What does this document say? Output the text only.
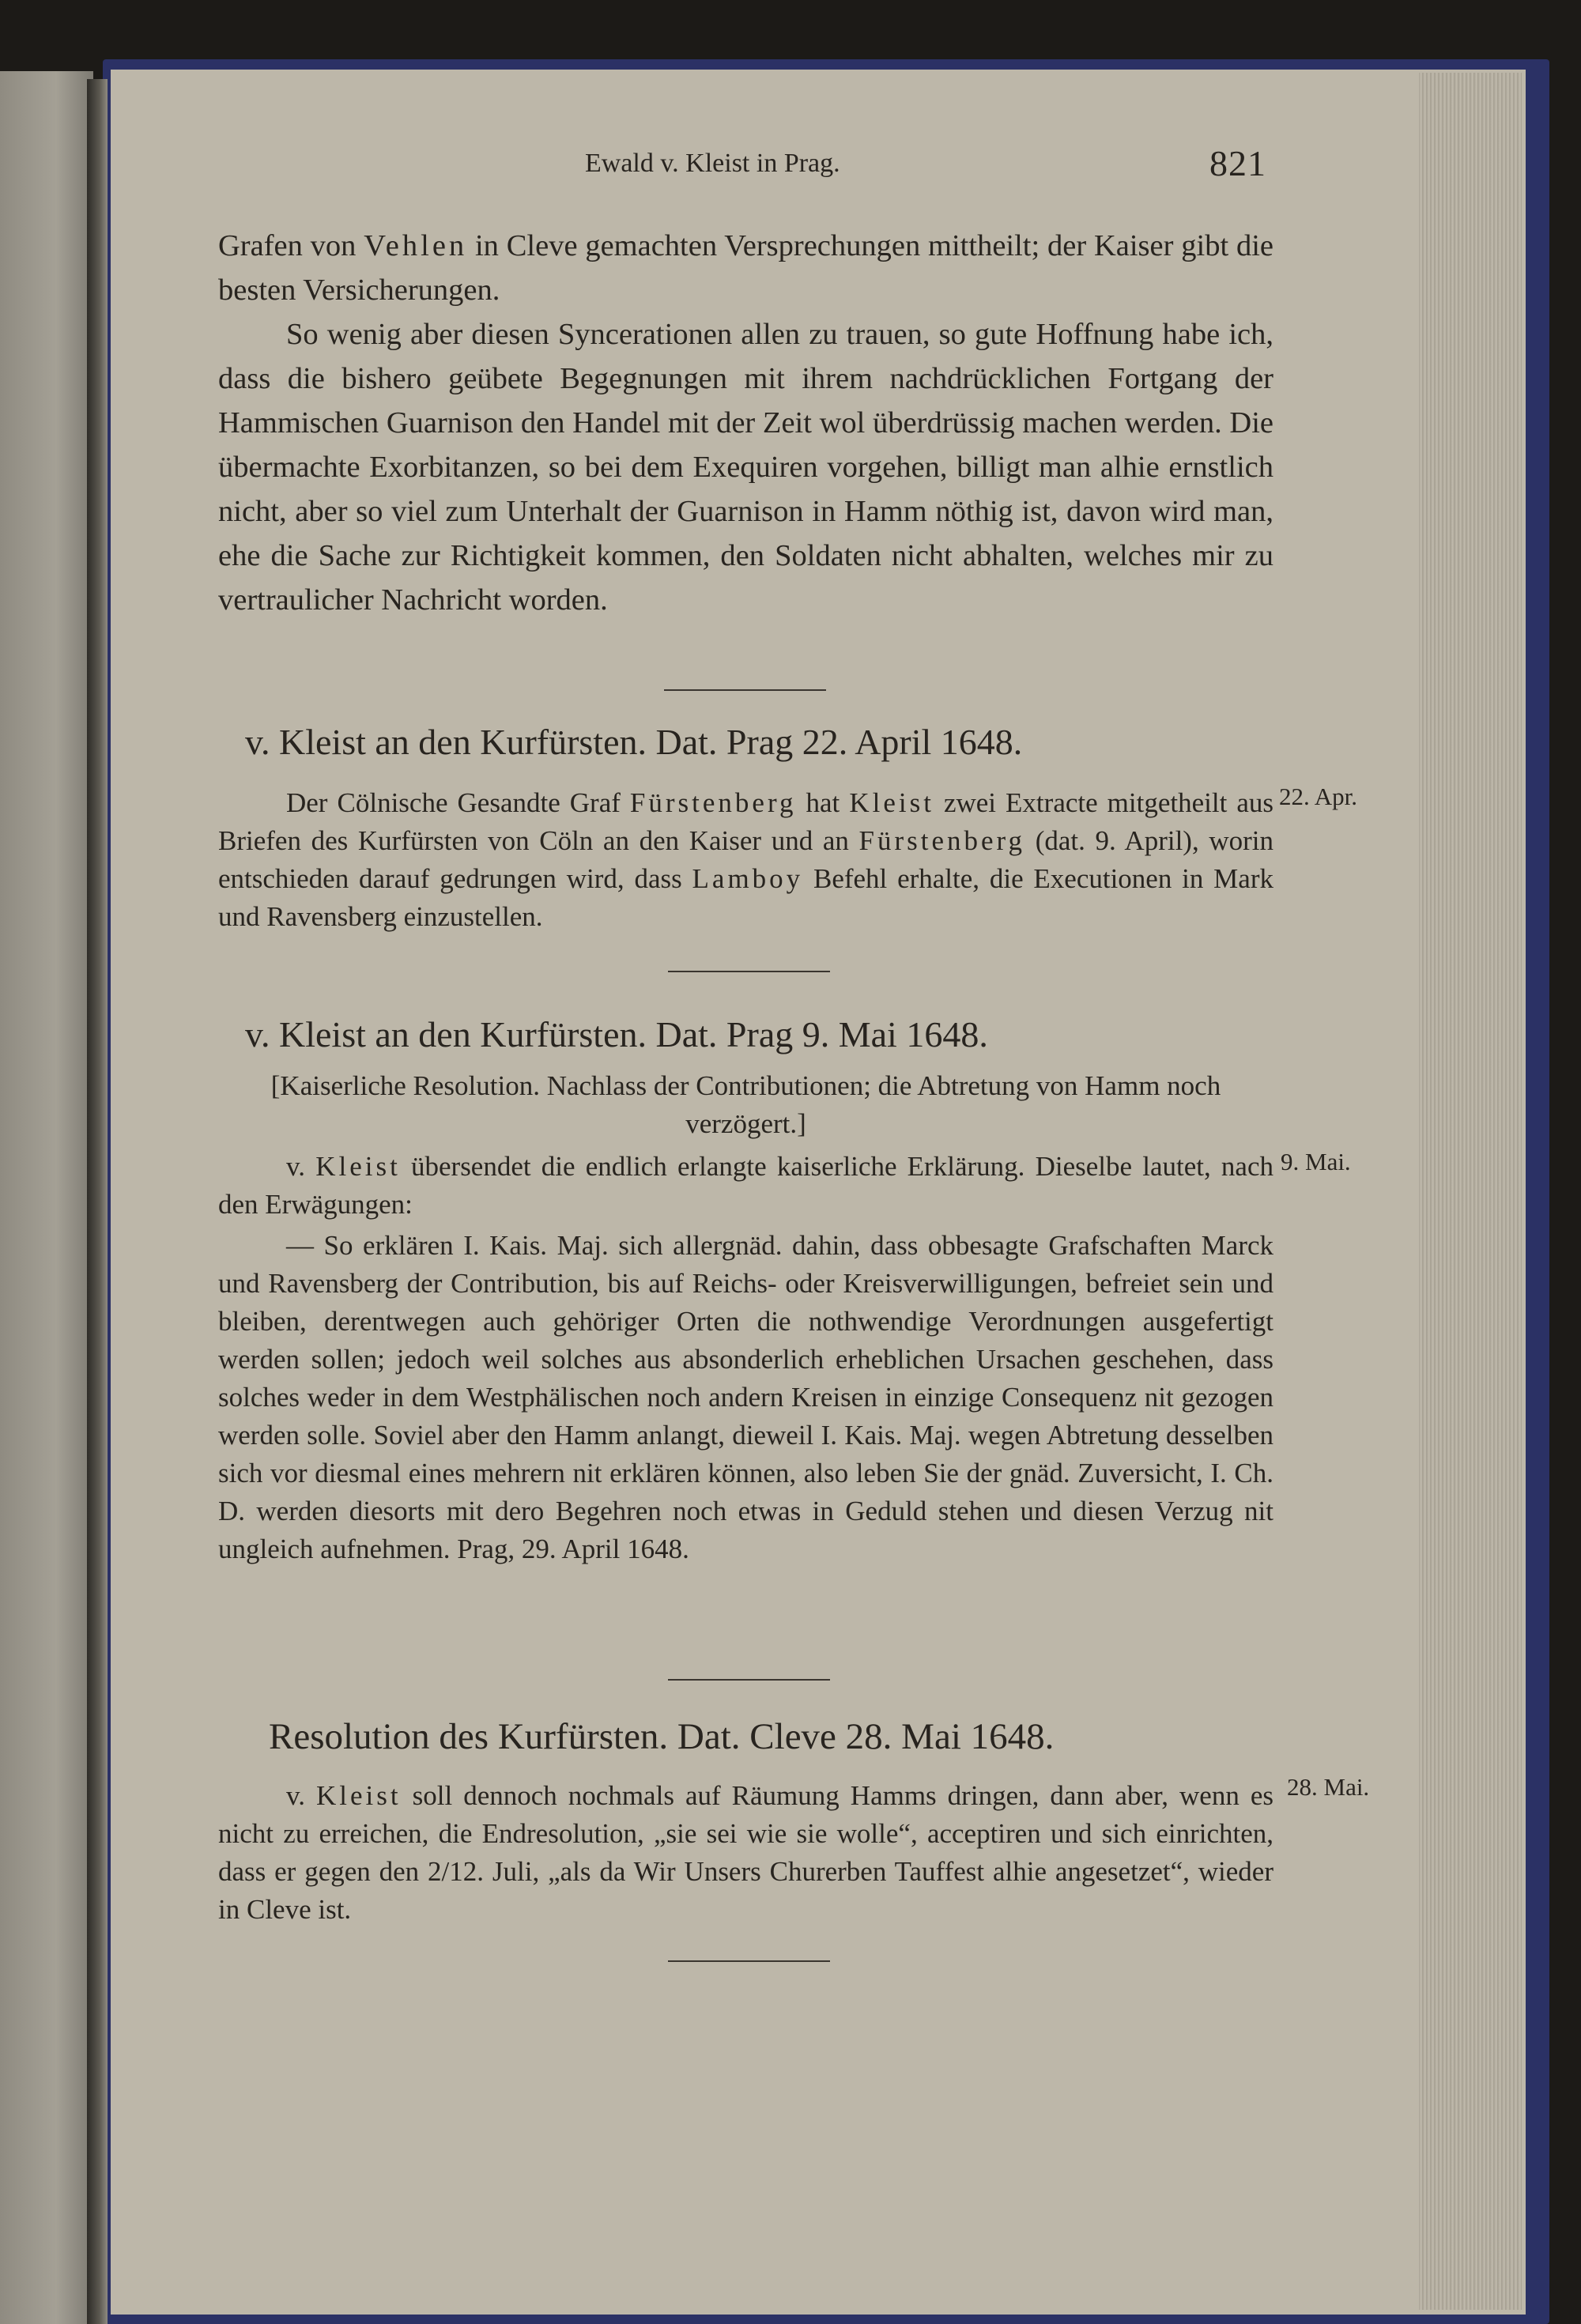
Ewald v. Kleist in Prag.	821
Grafen von Vehlen in Cleve gemachten Versprechungen mittheilt; der Kaiser gibt die besten Versicherungen.
So wenig aber diesen Syncerationen allen zu trauen, so gute Hoffnung habe ich, dass die bishero geübete Begegnungen mit ihrem nachdrücklichen Fortgang der Hammischen Guarnison den Handel mit der Zeit wol überdrüssig machen werden. Die übermachte Exorbitanzen, so bei dem Exequiren vorgehen, billigt man alhie ernstlich nicht, aber so viel zum Unterhalt der Guarnison in Hamm nöthig ist, davon wird man, ehe die Sache zur Richtigkeit kommen, den Soldaten nicht abhalten, welches mir zu vertraulicher Nachricht worden.
v. Kleist an den Kurfürsten. Dat. Prag 22. April 1648.
22. Apr.
Der Cölnische Gesandte Graf Fürstenberg hat Kleist zwei Extracte mitgetheilt aus Briefen des Kurfürsten von Cöln an den Kaiser und an Fürstenberg (dat. 9. April), worin entschieden darauf gedrungen wird, dass Lamboy Befehl erhalte, die Executionen in Mark und Ravensberg einzustellen.
v. Kleist an den Kurfürsten. Dat. Prag 9. Mai 1648.
[Kaiserliche Resolution. Nachlass der Contributionen; die Abtretung von Hamm noch verzögert.]
9. Mai.
v. Kleist übersendet die endlich erlangte kaiserliche Erklärung. Dieselbe lautet, nach den Erwägungen:
— So erklären I. Kais. Maj. sich allergnäd. dahin, dass obbesagte Grafschaften Marck und Ravensberg der Contribution, bis auf Reichs- oder Kreisverwilligungen, befreiet sein und bleiben, derentwegen auch gehöriger Orten die nothwendige Verordnungen ausgefertigt werden sollen; jedoch weil solches aus absonderlich erheblichen Ursachen geschehen, dass solches weder in dem Westphälischen noch andern Kreisen in einzige Consequenz nit gezogen werden solle. Soviel aber den Hamm anlangt, dieweil I. Kais. Maj. wegen Abtretung desselben sich vor diesmal eines mehrern nit erklären können, also leben Sie der gnäd. Zuversicht, I. Ch. D. werden diesorts mit dero Begehren noch etwas in Geduld stehen und diesen Verzug nit ungleich aufnehmen. Prag, 29. April 1648.
Resolution des Kurfürsten. Dat. Cleve 28. Mai 1648.
28. Mai.
v. Kleist soll dennoch nochmals auf Räumung Hamms dringen, dann aber, wenn es nicht zu erreichen, die Endresolution, „sie sei wie sie wolle“, acceptiren und sich einrichten, dass er gegen den 2/12. Juli, „als da Wir Unsers Churerben Tauffest alhie angesetzet“, wieder in Cleve ist.
